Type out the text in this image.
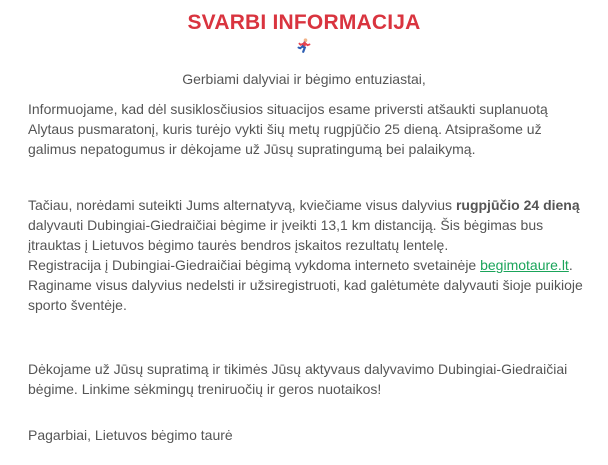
SVARBI INFORMACIJA
Gerbiami dalyviai ir bėgimo entuziastai,

Informuojame, kad dėl susiklosčiusios situacijos esame priversti atšaukti suplanuotą Alytaus pusmaratonį, kuris turėjo vykti šių metų rugpjūčio 25 dieną. Atsiprašome už galimus nepatogumus ir dėkojame už Jūsų supratingumą bei palaikymą.

Tačiau, norėdami suteikti Jums alternatyvą, kviečiame visus dalyvius rugpjūčio 24 dieną dalyvauti Dubingiai-Giedraičiai bėgime ir įveikti 13,1 km distanciją. Šis bėgimas bus įtrauktas į Lietuvos bėgimo taurės bendros įskaitos rezultatų lentelę.
Registracija į Dubingiai-Giedraičiai bėgimą vykdoma interneto svetainėje begimotaure.lt.
Raginame visus dalyvius nedelsti ir užsiregistruoti, kad galėtumėte dalyvauti šioje puikioje sporto šventėje.

Dėkojame už Jūsų supratimą ir tikimės Jūsų aktyvaus dalyvavimo Dubingiai-Giedraičiai bėgime. Linkime sėkmingų treniruočių ir geros nuotaikos!

Pagarbiai, Lietuvos bėgimo taurė
